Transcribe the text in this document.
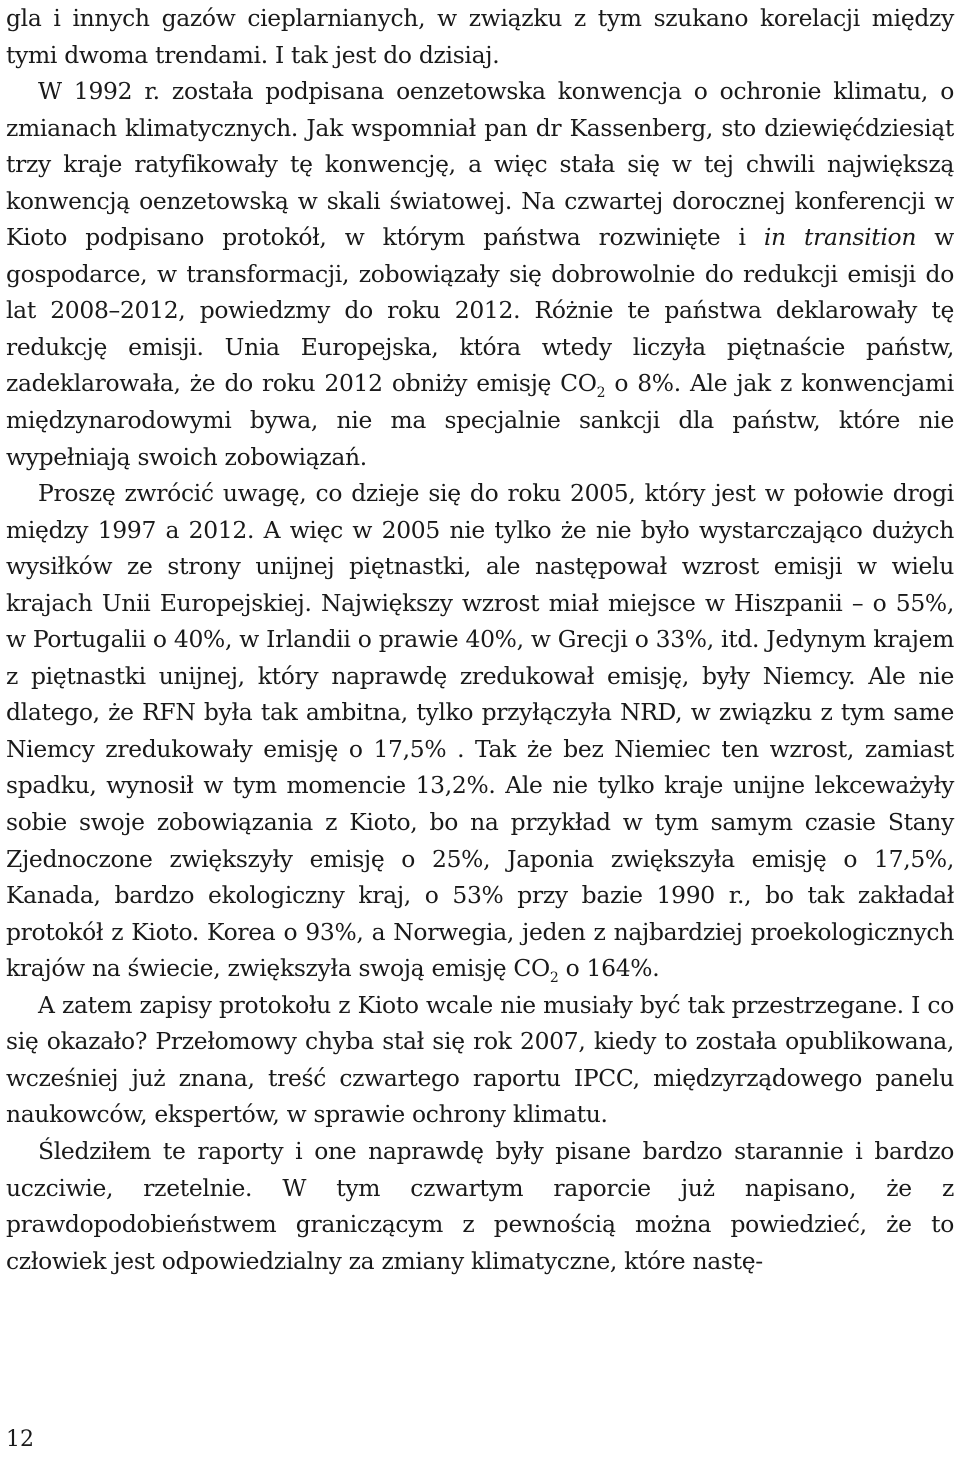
gla i innych gazów cieplarnianych, w związku z tym szukano korelacji między tymi dwoma trendami. I tak jest do dzisiaj.

W 1992 r. została podpisana oenzetowska konwencja o ochronie klimatu, o zmianach klimatycznych. Jak wspomniał pan dr Kassenberg, sto dziewięćdziesiąt trzy kraje ratyfikowały tę konwencję, a więc stała się w tej chwili największą konwencją oenzetowską w skali światowej. Na czwartej dorocznej konferencji w Kioto podpisano protokół, w którym państwa rozwinięte i in transition w gospodarce, w transformacji, zobowiązały się dobrowolnie do redukcji emisji do lat 2008–2012, powiedzmy do roku 2012. Różnie te państwa deklarowały tę redukcję emisji. Unia Europejska, która wtedy liczyła piętnaście państw, zadeklarowała, że do roku 2012 obniży emisję $CO_2$ o 8%. Ale jak z konwencjami międzynarodowymi bywa, nie ma specjalnie sankcji dla państw, które nie wypełniają swoich zobowiązań.

Proszę zwrócić uwagę, co dzieje się do roku 2005, który jest w połowie drogi między 1997 a 2012. A więc w 2005 nie tylko że nie było wystarczająco dużych wysiłków ze strony unijnej piętnastki, ale następował wzrost emisji w wielu krajach Unii Europejskiej. Największy wzrost miał miejsce w Hiszpanii – o 55%, w Portugalii o 40%, w Irlandii o prawie 40%, w Grecji o 33%, itd. Jedynym krajem z piętnastki unijnej, który naprawdę zredukował emisję, były Niemcy. Ale nie dlatego, że RFN była tak ambitna, tylko przyłączyła NRD, w związku z tym same Niemcy zredukowały emisję o 17,5% . Tak że bez Niemiec ten wzrost, zamiast spadku, wynosił w tym momencie 13,2%. Ale nie tylko kraje unijne lekceważyły sobie swoje zobowiązania z Kioto, bo na przykład w tym samym czasie Stany Zjednoczone zwiększyły emisję o 25%, Japonia zwiększyła emisję o 17,5%, Kanada, bardzo ekologiczny kraj, o 53% przy bazie 1990 r., bo tak zakładał protokół z Kioto. Korea o 93%, a Norwegia, jeden z najbardziej proekologicznych krajów na świecie, zwiększyła swoją emisję $CO_2$ o 164%.

A zatem zapisy protokołu z Kioto wcale nie musiały być tak przestrzegane. I co się okazało? Przełomowy chyba stał się rok 2007, kiedy to została opublikowana, wcześniej już znana, treść czwartego raportu IPCC, międzyrządowego panelu naukowców, ekspertów, w sprawie ochrony klimatu.

Śledziłem te raporty i one naprawdę były pisane bardzo starannie i bardzo uczciwie, rzetelnie. W tym czwartym raporcie już napisano, że z prawdopodobieństwem graniczącym z pewnością można powiedzieć, że to człowiek jest odpowiedzialny za zmiany klimatyczne, które nastę-

12
